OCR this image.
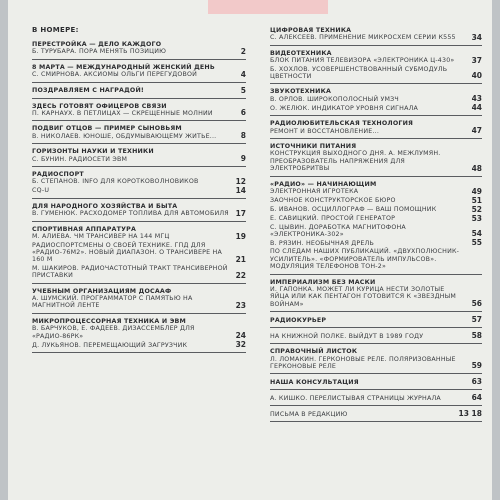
В НОМЕРЕ:
ПЕРЕСТРОЙКА — ДЕЛО КАЖДОГО
Б. ТУРУБАРА. ПОРА МЕНЯТЬ ПОЗИЦИЮ	2
8 МАРТА — МЕЖДУНАРОДНЫЙ ЖЕНСКИЙ ДЕНЬ
С. СМИРНОВА. АКСИОМЫ ОЛЬГИ ПЕРЕГУДОВОЙ	4
ПОЗДРАВЛЯЕМ С НАГРАДОЙ!	5
ЗДЕСЬ ГОТОВЯТ ОФИЦЕРОВ СВЯЗИ
П. КАРНАУХ. В ПЕТЛИЦАХ — СКРЕЩЕННЫЕ МОЛНИИ	6
ПОДВИГ ОТЦОВ — ПРИМЕР СЫНОВЬЯМ
В. НИКОЛАЕВ. ЮНОШЕ, ОБДУМЫВАЮЩЕМУ ЖИТЬЕ...	8
ГОРИЗОНТЫ НАУКИ И ТЕХНИКИ
С. БУНИН. РАДИОСЕТИ ЭВМ	9
РАДИОСПОРТ
Б. СТЕПАНОВ. INFO ДЛЯ КОРОТКОВОЛНОВИКОВ	12
CQ-U	14
ДЛЯ НАРОДНОГО ХОЗЯЙСТВА И БЫТА
В. ГУМЕНЮК. РАСХОДОМЕР ТОПЛИВА ДЛЯ АВТОМОБИЛЯ 17
СПОРТИВНАЯ АППАРАТУРА
М. АЛИЕВА. ЧМ ТРАНСИВЕР НА 144 МГЦ	19
РАДИОСПОРТСМЕНЫ О СВОЕЙ ТЕХНИКЕ. ГПД ДЛЯ «РАДИО-76М2». НОВЫЙ ДИАПАЗОН. О ТРАНСИВЕРЕ НА 160 М	21
М. ШАКИРОВ. РАДИОЧАСТОТНЫЙ ТРАКТ ТРАНСИВЕРНОЙ ПРИСТАВКИ	22
УЧЕБНЫМ ОРГАНИЗАЦИЯМ ДОСААФ
А. ШУМСКИЙ. ПРОГРАММАТОР С ПАМЯТЬЮ НА МАГНИТНОЙ ЛЕНТЕ	23
МИКРОПРОЦЕССОРНАЯ ТЕХНИКА И ЭВМ
В. БАРЧУКОВ, Е. ФАДЕЕВ. ДИЗАССЕМБЛЕР ДЛЯ «РАДИО-86РК»	24
Д. ЛУКЬЯНОВ. ПЕРЕМЕЩАЮЩИЙ ЗАГРУЗЧИК	32
ЦИФРОВАЯ ТЕХНИКА
С. АЛЕКСЕЕВ. ПРИМЕНЕНИЕ МИКРОСХЕМ СЕРИИ К555	34
ВИДЕОТЕХНИКА
БЛОК ПИТАНИЯ ТЕЛЕВИЗОРА «ЭЛЕКТРОНИКА Ц-430»	37
Б. ХОХЛОВ. УСОВЕРШЕНСТВОВАННЫЙ СУБМОДУЛЬ ЦВЕТНОСТИ	40
ЗВУКОТЕХНИКА
В. ОРЛОВ. ШИРОКОПОЛОСНЫЙ УМЗЧ	43
О. ЖЕЛЮК. ИНДИКАТОР УРОВНЯ СИГНАЛА	44
РАДИОЛЮБИТЕЛЬСКАЯ ТЕХНОЛОГИЯ
РЕМОНТ И ВОССТАНОВЛЕНИЕ...	47
ИСТОЧНИКИ ПИТАНИЯ
КОНСТРУКЦИЯ ВЫХОДНОГО ДНЯ. А. МЕЖЛУМЯН. ПРЕОБРАЗОВАТЕЛЬ НАПРЯЖЕНИЯ ДЛЯ ЭЛЕКТРОБРИТВЫ	48
«РАДИО» — НАЧИНАЮЩИМ
ЭЛЕКТРОННАЯ ИГРОТЕКА	49
ЗАОЧНОЕ КОНСТРУКТОРСКОЕ БЮРО	51
Б. ИВАНОВ. ОСЦИЛЛОГРАФ — ВАШ ПОМОЩНИК	52
Е. САВИЦКИЙ. ПРОСТОЙ ГЕНЕРАТОР	53
С. ЦЫВИН. ДОРАБОТКА МАГНИТОФОНА «ЭЛЕКТРОНИКА-302»	54
В. РЯЗИН. НЕОБЫЧНАЯ ДРЕЛЬ	55
ПО СЛЕДАМ НАШИХ ПУБЛИКАЦИЙ. «ДВУХПОЛЮСНИК-УСИЛИТЕЛЬ». «ФОРМИРОВАТЕЛЬ ИМПУЛЬСОВ». МОДУЛЯЦИЯ ТЕЛЕФОНОВ ТОН-2»
ИМПЕРИАЛИЗМ БЕЗ МАСКИ
И. ГАПОНКА. МОЖЕТ ЛИ КУРИЦА НЕСТИ ЗОЛОТЫЕ ЯЙЦА ИЛИ КАК ПЕНТАГОН ГОТОВИТСЯ К «ЗВЕЗДНЫМ ВОЙНАМ»	56
РАДИОКУРЬЕР	57
НА КНИЖНОЙ ПОЛКЕ. ВЫЙДУТ В 1989 ГОДУ	58
СПРАВОЧНЫЙ ЛИСТОК
Л. ЛОМАКИН. ГЕРКОНОВЫЕ РЕЛЕ. ПОЛЯРИЗОВАННЫЕ ГЕРКОНОВЫЕ РЕЛЕ	59
НАША КОНСУЛЬТАЦИЯ	63
А. КИШКО. ПЕРЕЛИСТЫВАЯ СТРАНИЦЫ ЖУРНАЛА	64
ПИСЬМА В РЕДАКЦИЮ	13 18
